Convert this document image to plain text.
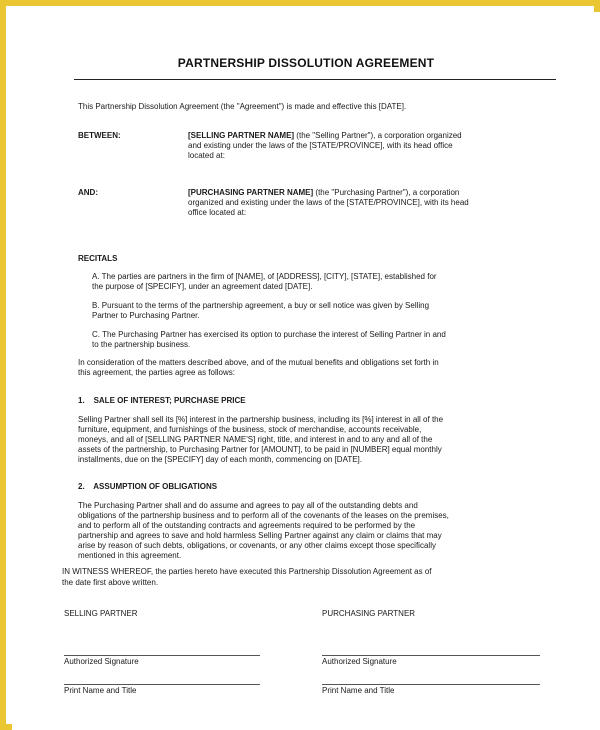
PARTNERSHIP DISSOLUTION AGREEMENT
This Partnership Dissolution Agreement (the "Agreement") is made and effective this [DATE].
BETWEEN:	[SELLING PARTNER NAME] (the "Selling Partner"), a corporation organized
and existing under the laws of the [STATE/PROVINCE], with its head office
located at:
AND:	[PURCHASING PARTNER NAME] (the "Purchasing Partner"), a corporation
organized and existing under the laws of the [STATE/PROVINCE], with its head
office located at:
RECITALS
A. The parties are partners in the firm of [NAME], of [ADDRESS], [CITY], [STATE], established for
the purpose of [SPECIFY], under an agreement dated [DATE].
B. Pursuant to the terms of the partnership agreement, a buy or sell notice was given by Selling
Partner to Purchasing Partner.
C. The Purchasing Partner has exercised its option to purchase the interest of Selling Partner in and
to the partnership business.
In consideration of the matters described above, and of the mutual benefits and obligations set forth in
this agreement, the parties agree as follows:
1.    SALE OF INTEREST; PURCHASE PRICE
Selling Partner shall sell its [%] interest in the partnership business, including its [%] interest in all of the
furniture, equipment, and furnishings of the business, stock of merchandise, accounts receivable,
moneys, and all of [SELLING PARTNER NAME'S] right, title, and interest in and to any and all of the
assets of the partnership, to Purchasing Partner for [AMOUNT], to be paid in [NUMBER] equal monthly
installments, due on the [SPECIFY] day of each month, commencing on [DATE].
2.    ASSUMPTION OF OBLIGATIONS
The Purchasing Partner shall and do assume and agrees to pay all of the outstanding debts and
obligations of the partnership business and to perform all of the covenants of the leases on the premises,
and to perform all of the outstanding contracts and agreements required to be performed by the
partnership and agrees to save and hold harmless Selling Partner against any claim or claims that may
arise by reason of such debts, obligations, or covenants, or any other claims except those specifically
mentioned in this agreement.
IN WITNESS WHEREOF, the parties hereto have executed this Partnership Dissolution Agreement as of
the date first above written.
SELLING PARTNER	PURCHASING PARTNER
Authorized Signature	Authorized Signature
Print Name and Title	Print Name and Title
